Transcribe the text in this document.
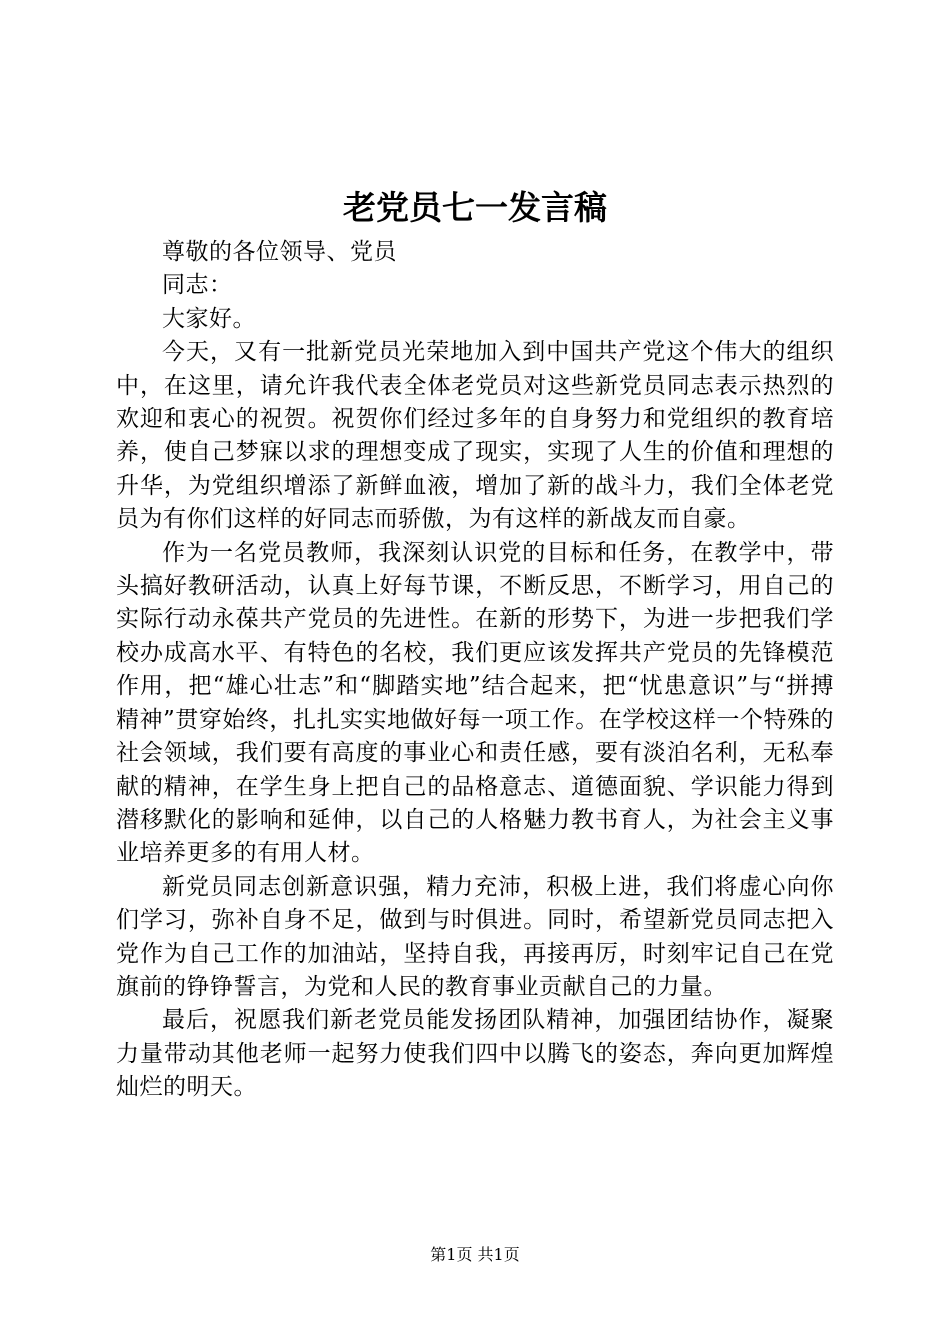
老党员七一发言稿

尊敬的各位领导、党员

同志：

大家好。

今天，又有一批新党员光荣地加入到中国共产党这个伟大的组织中，在这里，请允许我代表全体老党员对这些新党员同志表示热烈的欢迎和衷心的祝贺。祝贺你们经过多年的自身努力和党组织的教育培养，使自己梦寐以求的理想变成了现实，实现了人生的价值和理想的升华，为党组织增添了新鲜血液，增加了新的战斗力，我们全体老党员为有你们这样的好同志而骄傲，为有这样的新战友而自豪。

作为一名党员教师，我深刻认识党的目标和任务，在教学中，带头搞好教研活动，认真上好每节课，不断反思，不断学习，用自己的实际行动永葆共产党员的先进性。在新的形势下，为进一步把我们学校办成高水平、有特色的名校，我们更应该发挥共产党员的先锋模范作用，把“雄心壮志”和“脚踏实地”结合起来，把“忧患意识”与“拼搏精神”贯穿始终，扎扎实实地做好每一项工作。在学校这样一个特殊的社会领域，我们要有高度的事业心和责任感，要有淡泊名利，无私奉献的精神，在学生身上把自己的品格意志、道德面貌、学识能力得到潜移默化的影响和延伸，以自己的人格魅力教书育人，为社会主义事业培养更多的有用人材。

新党员同志创新意识强，精力充沛，积极上进，我们将虚心向你们学习，弥补自身不足，做到与时俱进。同时，希望新党员同志把入党作为自己工作的加油站，坚持自我，再接再厉，时刻牢记自己在党旗前的铮铮誓言，为党和人民的教育事业贡献自己的力量。

最后，祝愿我们新老党员能发扬团队精神，加强团结协作，凝聚力量带动其他老师一起努力使我们四中以腾飞的姿态，奔向更加辉煌灿烂的明天。

第1页 共1页
